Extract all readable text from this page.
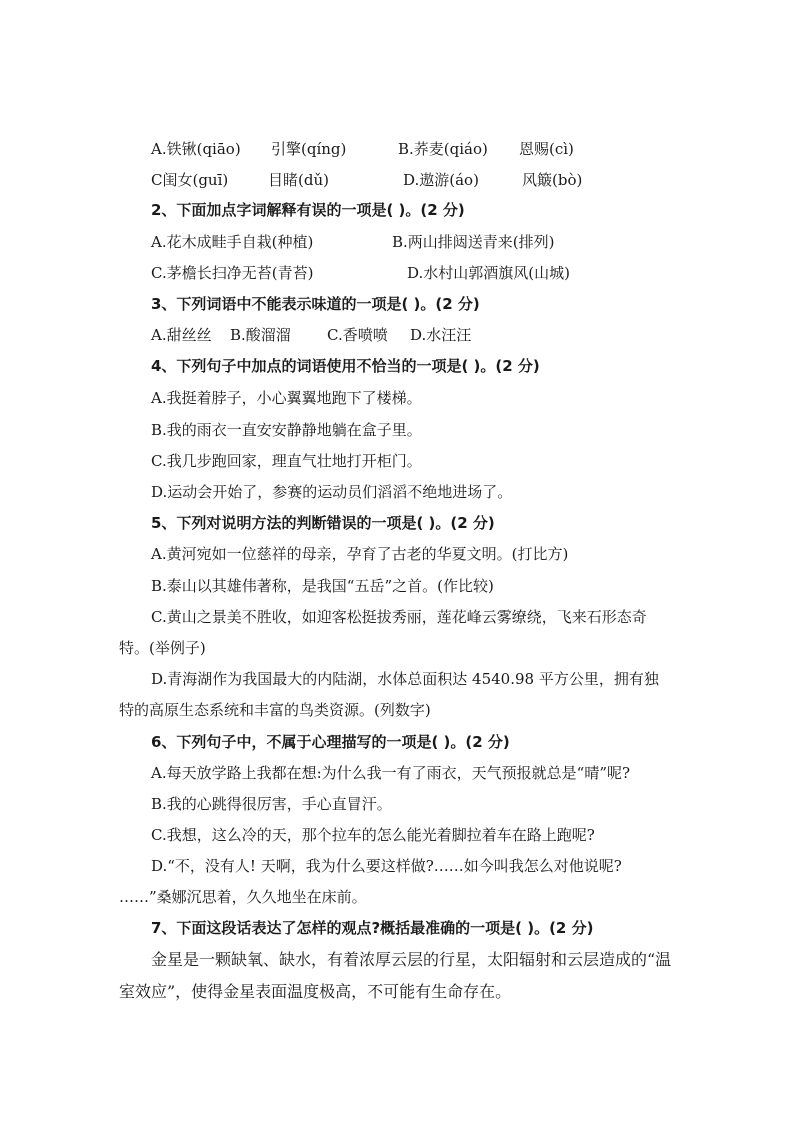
A.铁锹(qiāo) 引擎(qíng)	B.荞麦(qiáo) 恩赐(cì)
C闺女(guī)	目睹(dǔ)	D.遨游(áo)	风簸(bò)
2、下面加点字词解释有误的一项是( )。(2 分)
A.花木成畦手自栽(种植)	B.两山排闼送青来(排列)
C.茅檐长扫净无苔(青苔)	D.水村山郭酒旗风(山城)
3、下列词语中不能表示味道的一项是( )。(2 分)
A.甜丝丝 B.酸溜溜 C.香喷喷 D.水汪汪
4、下列句子中加点的词语使用不恰当的一项是( )。(2 分)
A.我挺着脖子，小心翼翼地跑下了楼梯。
B.我的雨衣一直安安静静地躺在盒子里。
C.我几步跑回家，理直气壮地打开柜门。
D.运动会开始了，参赛的运动员们滔滔不绝地进场了。
5、下列对说明方法的判断错误的一项是( )。(2 分)
A.黄河宛如一位慈祥的母亲，孕育了古老的华夏文明。(打比方)
B.泰山以其雄伟著称，是我国“五岳”之首。(作比较)
C.黄山之景美不胜收，如迎客松挺拔秀丽，莲花峰云雾缭绕，飞来石形态奇
特。(举例子)
D.青海湖作为我国最大的内陆湖，水体总面积达 4540.98 平方公里，拥有独
特的高原生态系统和丰富的鸟类资源。(列数字)
6、下列句子中，不属于心理描写的一项是( )。(2 分)
A.每天放学路上我都在想:为什么我一有了雨衣，天气预报就总是“晴”呢?
B.我的心跳得很厉害，手心直冒汗。
C.我想，这么冷的天，那个拉车的怎么能光着脚拉着车在路上跑呢?
D.“不，没有人! 天啊，我为什么要这样做?……如今叫我怎么对他说呢?
……”桑娜沉思着，久久地坐在床前。
7、下面这段话表达了怎样的观点?概括最准确的一项是( )。(2 分)
金星是一颗缺氧、缺水，有着浓厚云层的行星，太阳辐射和云层造成的“温
室效应”，使得金星表面温度极高，不可能有生命存在。
